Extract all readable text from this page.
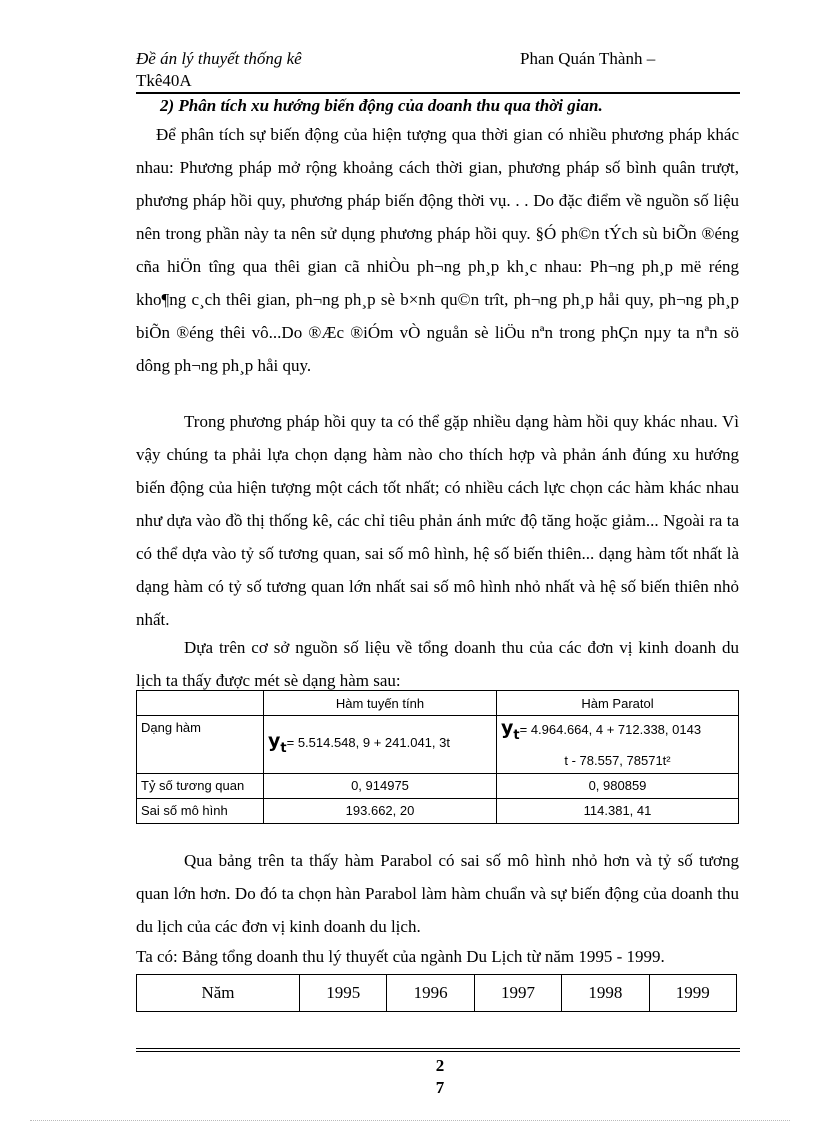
Đề án lý thuyết thống kê	Phan Quán Thành –
Tkê40A
2) Phân tích xu hướng biến động của doanh thu qua thời gian.
Để phân tích sự biến động của hiện tượng qua thời gian có nhiều phương pháp khác nhau: Phương pháp mở rộng khoảng cách thời gian, phương pháp số bình quân trượt, phương pháp hồi quy, phương pháp biến động thời vụ. . . Do đặc điểm về nguồn số liệu nên trong phần này ta nên sử dụng phương pháp hồi quy. §Ó ph©n tÝch sù biÕn ®éng cña hiÖn tîng qua thêi gian cã nhiÒu ph¬ng ph¸p kh¸c nhau: Ph¬ng ph¸p më réng kho¶ng c¸ch thêi gian, ph¬ng ph¸p sè b×nh qu©n trît, ph¬ng ph¸p håi quy, ph¬ng ph¸p biÕn ®éng thêi vô...Do ®Æc ®iÓm vÒ nguån sè liÖu nªn trong phÇn nµy ta nªn sö dông ph¬ng ph¸p håi quy.
Trong phương pháp hồi quy ta có thể gặp nhiều dạng hàm hồi quy khác nhau. Vì vậy chúng ta phải lựa chọn dạng hàm nào cho thích hợp và phản ánh đúng xu hướng biến động của hiện tượng một cách tốt nhất; có nhiều cách lực chọn các hàm khác nhau như dựa vào đồ thị thống kê, các chỉ tiêu phản ánh mức độ tăng hoặc giảm... Ngoài ra ta có thể dựa vào tỷ số tương quan, sai số mô hình, hệ số biến thiên... dạng hàm tốt nhất là dạng hàm có tỷ số tương quan lớn nhất sai số mô hình nhỏ nhất và hệ số biến thiên nhỏ nhất.
Dựa trên cơ sở nguồn số liệu về tổng doanh thu của các đơn vị kinh doanh du lịch ta thấy được mét sè dạng hàm sau:
	Hàm tuyến tính	Hàm Paratol
Dạng hàm	$y_t= 5.514.548$, 9 + 241.041, 3t	$y_t= 4.964.664$, 4 + 712.338, 0143
t - 78.557, 78571t²

Tỷ số tương quan	0, 914975	0, 980859
Sai số mô hình	193.662, 20	114.381, 41
Qua bảng trên ta thấy hàm Parabol có sai số mô hình nhỏ hơn và tỷ số tương quan lớn hơn. Do đó ta chọn hàn Parabol làm hàm chuẩn và sự biến động của doanh thu du lịch của các đơn vị kinh doanh du lịch.
Ta có: Bảng tổng doanh thu lý thuyết của ngành Du Lịch từ năm 1995 - 1999.
Năm	1995	1996	1997	1998	1999
2
7
